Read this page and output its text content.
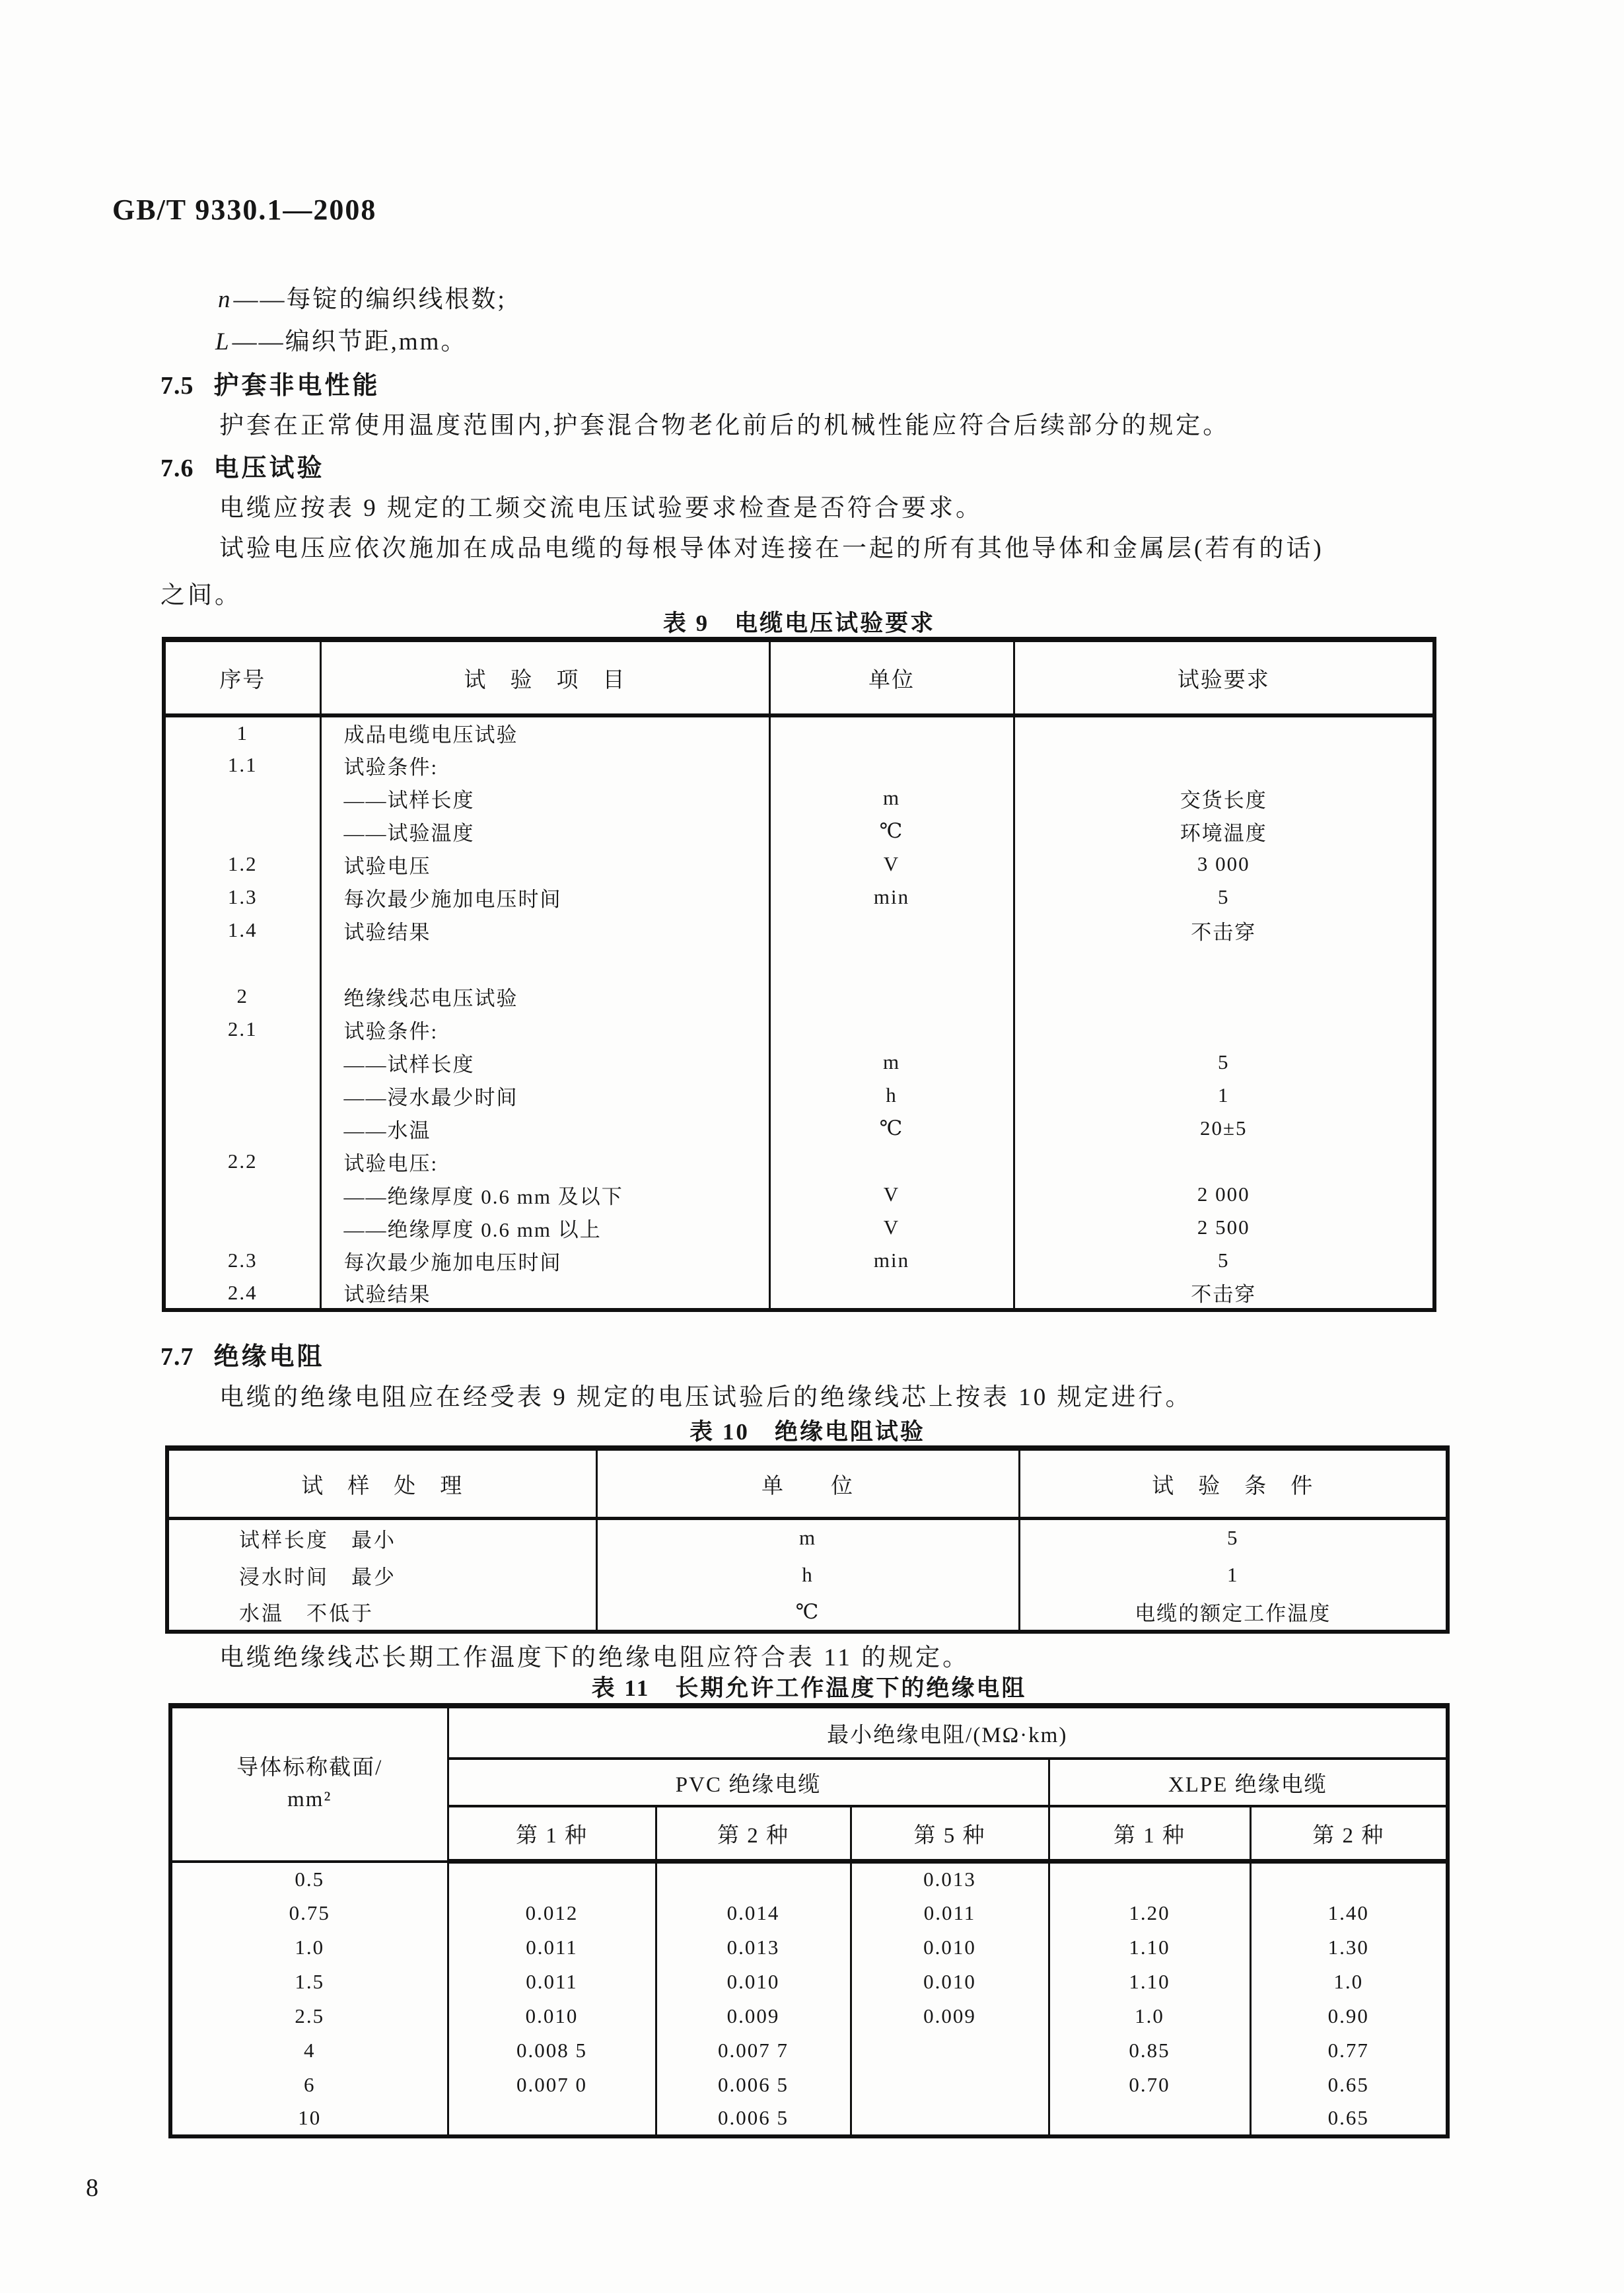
GB/T 9330.1—2008
n——每锭的编织线根数;
L——编织节距,mm。
7.5 护套非电性能
护套在正常使用温度范围内,护套混合物老化前后的机械性能应符合后续部分的规定。
7.6 电压试验
电缆应按表 9 规定的工频交流电压试验要求检查是否符合要求。
试验电压应依次施加在成品电缆的每根导体对连接在一起的所有其他导体和金属层(若有的话)
之间。
表 9　电缆电压试验要求
序号	试　验　项　目	单位	试验要求
1	成品电缆电压试验		
1.1	试验条件:		
	——试样长度	m	交货长度
	——试验温度	℃	环境温度
1.2	试验电压	V	3 000
1.3	每次最少施加电压时间	min	5
1.4	试验结果		不击穿

2	绝缘线芯电压试验		
2.1	试验条件:		
	——试样长度	m	5
	——浸水最少时间	h	1
	——水温	℃	20±5
2.2	试验电压:		
	——绝缘厚度 0.6 mm 及以下	V	2 000
	——绝缘厚度 0.6 mm 以上	V	2 500
2.3	每次最少施加电压时间	min	5
2.4	试验结果		不击穿
7.7 绝缘电阻
电缆的绝缘电阻应在经受表 9 规定的电压试验后的绝缘线芯上按表 10 规定进行。
表 10　绝缘电阻试验
试　样　处　理	单　　位	试　验　条　件
试样长度　最小	m	5
浸水时间　最少	h	1
水温　不低于	℃	电缆的额定工作温度
电缆绝缘线芯长期工作温度下的绝缘电阻应符合表 11 的规定。
表 11　长期允许工作温度下的绝缘电阻
导体标称截面/
mm²	最小绝缘电阻/(MΩ·km)				
	PVC 绝缘电缆			XLPE 绝缘电缆	
	第 1 种	第 2 种	第 5 种	第 1 种	第 2 种
0.5			0.013		
0.75	0.012	0.014	0.011	1.20	1.40
1.0	0.011	0.013	0.010	1.10	1.30
1.5	0.011	0.010	0.010	1.10	1.0
2.5	0.010	0.009	0.009	1.0	0.90
4	0.008 5	0.007 7		0.85	0.77
6	0.007 0	0.006 5		0.70	0.65
10		0.006 5			0.65
8
